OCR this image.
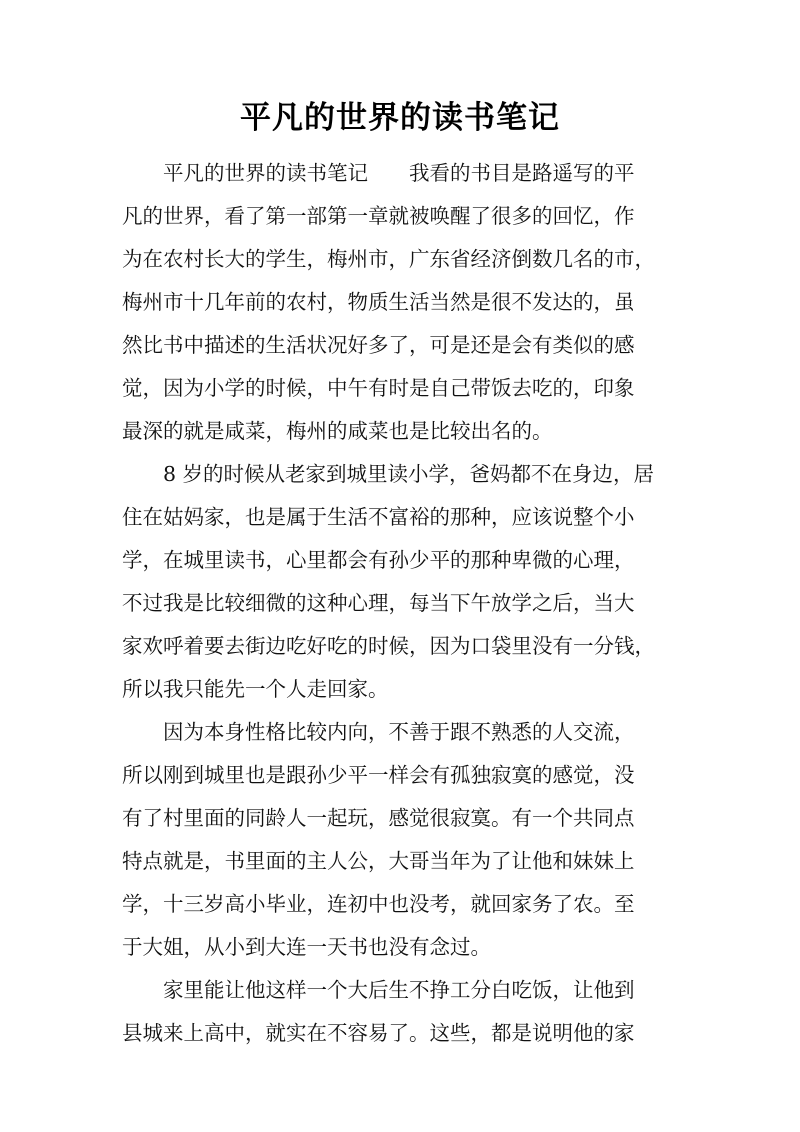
平凡的世界的读书笔记
平凡的世界的读书笔记　　我看的书目是路遥写的平
凡的世界，看了第一部第一章就被唤醒了很多的回忆，作
为在农村长大的学生，梅州市，广东省经济倒数几名的市，
梅州市十几年前的农村，物质生活当然是很不发达的，虽
然比书中描述的生活状况好多了，可是还是会有类似的感
觉，因为小学的时候，中午有时是自己带饭去吃的，印象
最深的就是咸菜，梅州的咸菜也是比较出名的。
8 岁的时候从老家到城里读小学，爸妈都不在身边，居
住在姑妈家，也是属于生活不富裕的那种，应该说整个小
学，在城里读书，心里都会有孙少平的那种卑微的心理，
不过我是比较细微的这种心理，每当下午放学之后，当大
家欢呼着要去街边吃好吃的时候，因为口袋里没有一分钱，
所以我只能先一个人走回家。
因为本身性格比较内向，不善于跟不熟悉的人交流，
所以刚到城里也是跟孙少平一样会有孤独寂寞的感觉，没
有了村里面的同龄人一起玩，感觉很寂寞。有一个共同点
特点就是，书里面的主人公，大哥当年为了让他和妹妹上
学，十三岁高小毕业，连初中也没考，就回家务了农。至
于大姐，从小到大连一天书也没有念过。
家里能让他这样一个大后生不挣工分白吃饭，让他到
县城来上高中，就实在不容易了。这些，都是说明他的家
